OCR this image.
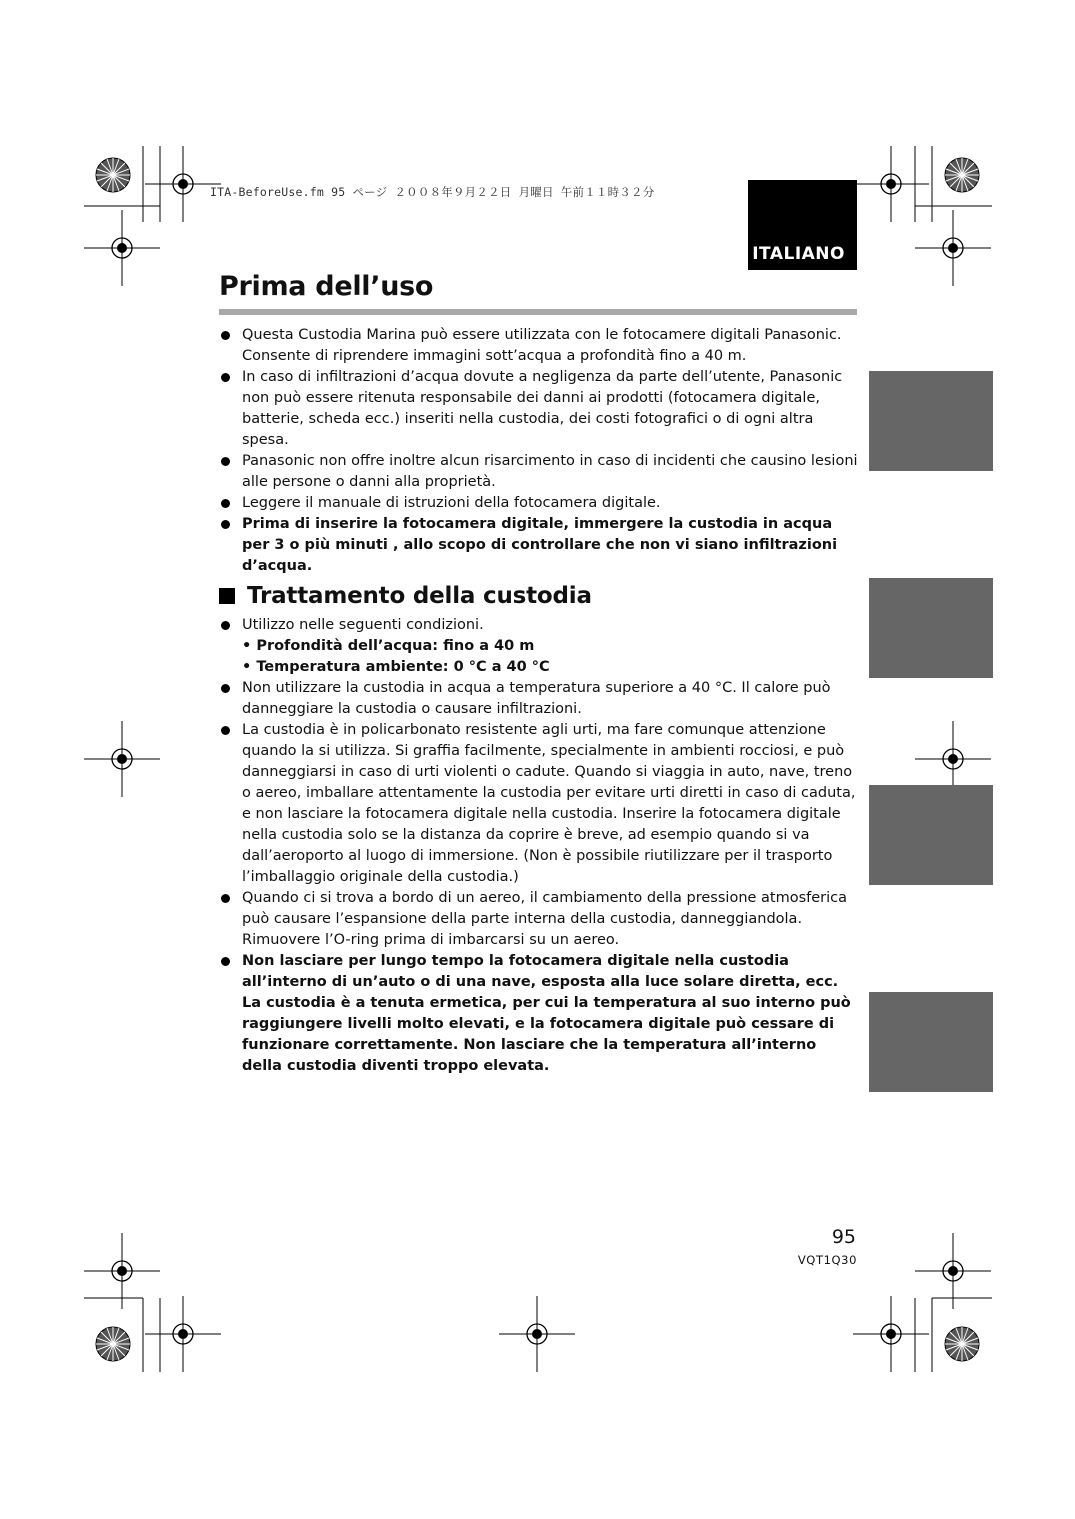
ITA-BeforeUse.fm 95 ページ ２００８年９月２２日 月曜日 午前１１時３２分
ITALIANO
Prima dell’uso
Questa Custodia Marina può essere utilizzata con le fotocamere digitali Panasonic. Consente di riprendere immagini sott’acqua a profondità fino a 40 m.
In caso di infiltrazioni d’acqua dovute a negligenza da parte dell’utente, Panasonic non può essere ritenuta responsabile dei danni ai prodotti (fotocamera digitale, batterie, scheda ecc.) inseriti nella custodia, dei costi fotografici o di ogni altra spesa.
Panasonic non offre inoltre alcun risarcimento in caso di incidenti che causino lesioni alle persone o danni alla proprietà.
Leggere il manuale di istruzioni della fotocamera digitale.
Prima di inserire la fotocamera digitale, immergere la custodia in acqua per 3 o più minuti , allo scopo di controllare che non vi siano infiltrazioni d’acqua.
Trattamento della custodia
Utilizzo nelle seguenti condizioni.
• Profondità dell’acqua: fino a 40 m
• Temperatura ambiente: 0 °C a 40 °C
Non utilizzare la custodia in acqua a temperatura superiore a 40 °C. Il calore può danneggiare la custodia o causare infiltrazioni.
La custodia è in policarbonato resistente agli urti, ma fare comunque attenzione quando la si utilizza. Si graffia facilmente, specialmente in ambienti rocciosi, e può danneggiarsi in caso di urti violenti o cadute. Quando si viaggia in auto, nave, treno o aereo, imballare attentamente la custodia per evitare urti diretti in caso di caduta, e non lasciare la fotocamera digitale nella custodia. Inserire la fotocamera digitale nella custodia solo se la distanza da coprire è breve, ad esempio quando si va dall’aeroporto al luogo di immersione. (Non è possibile riutilizzare per il trasporto l’imballaggio originale della custodia.)
Quando ci si trova a bordo di un aereo, il cambiamento della pressione atmosferica può causare l’espansione della parte interna della custodia, danneggiandola. Rimuovere l’O-ring prima di imbarcarsi su un aereo.
Non lasciare per lungo tempo la fotocamera digitale nella custodia all’interno di un’auto o di una nave, esposta alla luce solare diretta, ecc. La custodia è a tenuta ermetica, per cui la temperatura al suo interno può raggiungere livelli molto elevati, e la fotocamera digitale può cessare di funzionare correttamente. Non lasciare che la temperatura all’interno della custodia diventi troppo elevata.
95
VQT1Q30
